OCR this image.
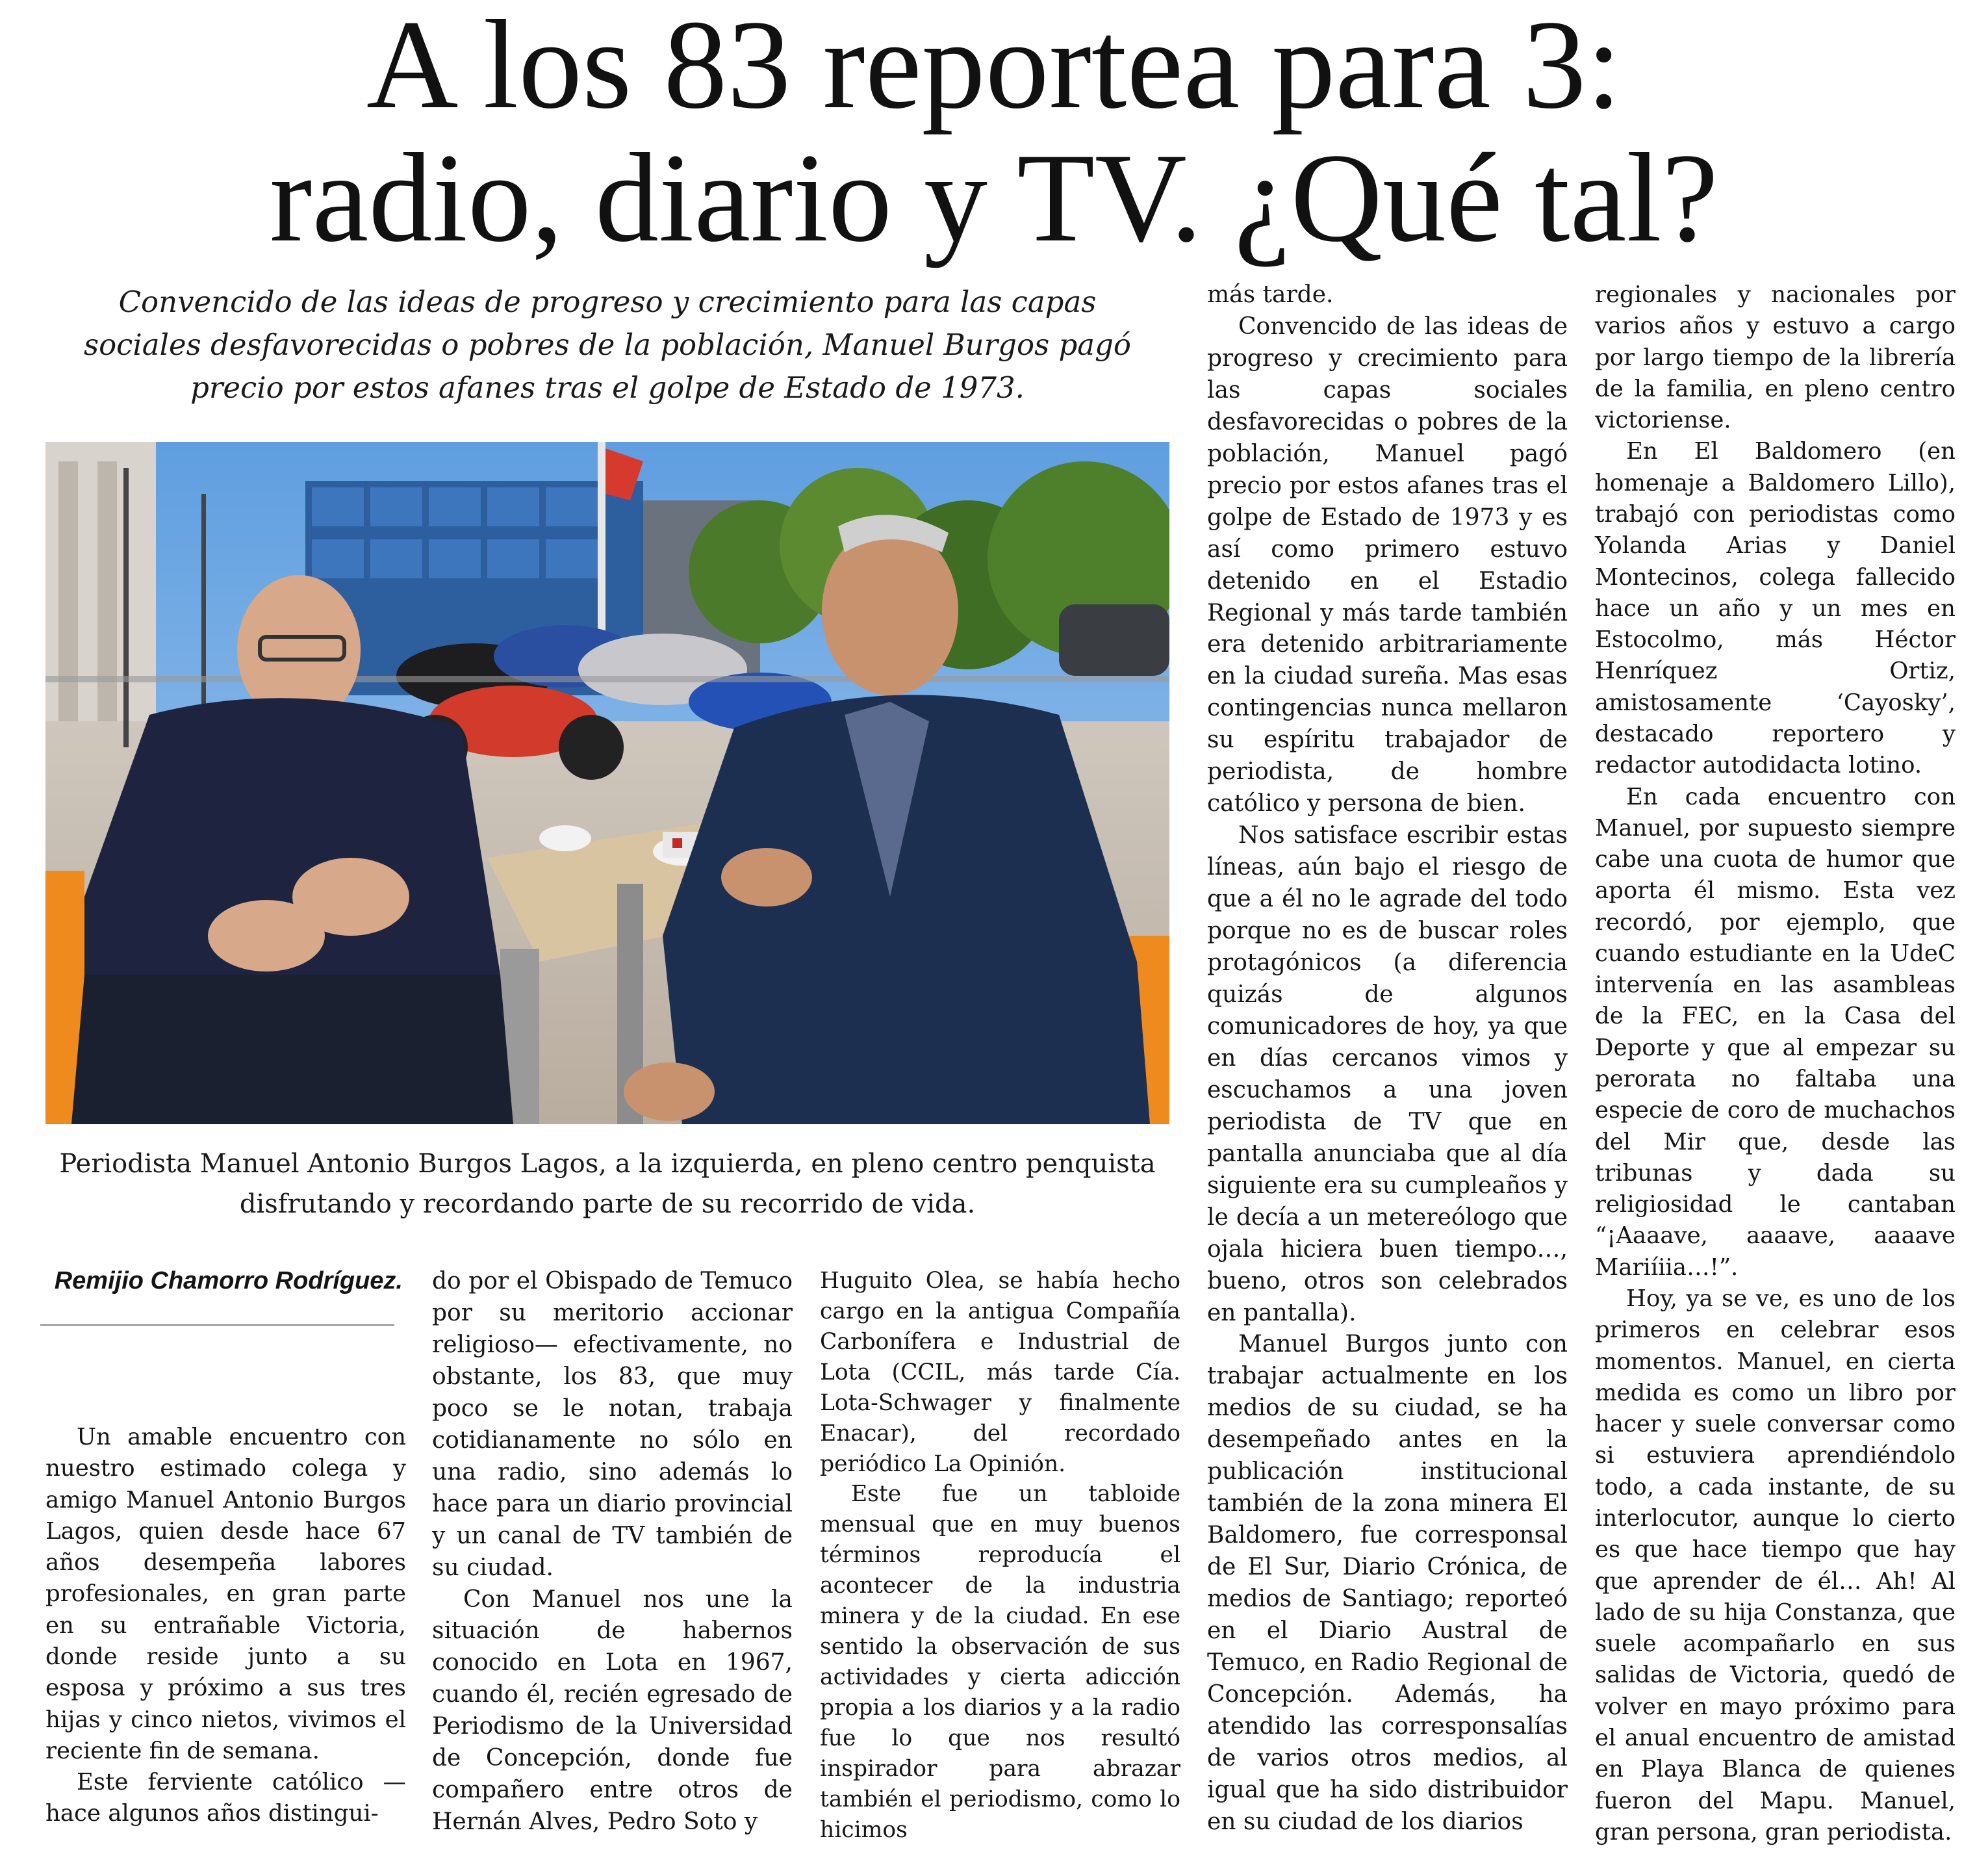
A los 83 reportea para 3:
radio, diario y TV. ¿Qué tal?
Convencido de las ideas de progreso y crecimiento para las capas
sociales desfavorecidas o pobres de la población, Manuel Burgos pagó
precio por estos afanes tras el golpe de Estado de 1973.
Periodista Manuel Antonio Burgos Lagos, a la izquierda, en pleno centro penquista
disfrutando y recordando parte de su recorrido de vida.
Remijio Chamorro Rodríguez.

Un amable encuentro con nuestro estimado colega y amigo Manuel Antonio Burgos Lagos, quien desde hace 67 años desempeña labores profesionales, en gran parte en su entrañable Victoria, donde reside junto a su esposa y próximo a sus tres hijas y cinco nietos, vivimos el reciente fin de semana.

Este ferviente católico — hace algunos años distingui-

do por el Obispado de Temuco por su meritorio accionar religioso— efectivamente, no obstante, los 83, que muy poco se le notan, trabaja cotidianamente no sólo en una radio, sino además lo hace para un diario provincial y un canal de TV también de su ciudad.

Con Manuel nos une la situación de habernos conocido en Lota en 1967, cuando él, recién egresado de Periodismo de la Universidad de Concepción, donde fue compañero entre otros de Hernán Alves, Pedro Soto y

Huguito Olea, se había hecho cargo en la antigua Compañía Carbonífera e Industrial de Lota (CCIL, más tarde Cía. Lota-Schwager y finalmente Enacar), del recordado periódico La Opinión.

Este fue un tabloide mensual que en muy buenos términos reproducía el acontecer de la industria minera y de la ciudad. En ese sentido la observación de sus actividades y cierta adicción propia a los diarios y a la radio fue lo que nos resultó inspirador para abrazar también el periodismo, como lo hicimos

más tarde.

Convencido de las ideas de progreso y crecimiento para las capas sociales desfavorecidas o pobres de la población, Manuel pagó precio por estos afanes tras el golpe de Estado de 1973 y es así como primero estuvo detenido en el Estadio Regional y más tarde también era detenido arbitrariamente en la ciudad sureña. Mas esas contingencias nunca mellaron su espíritu trabajador de periodista, de hombre católico y persona de bien.

Nos satisface escribir estas líneas, aún bajo el riesgo de que a él no le agrade del todo porque no es de buscar roles protagónicos (a diferencia quizás de algunos comunicadores de hoy, ya que en días cercanos vimos y escuchamos a una joven periodista de TV que en pantalla anunciaba que al día siguiente era su cumpleaños y le decía a un metereólogo que ojala hiciera buen tiempo…, bueno, otros son celebrados en pantalla).

Manuel Burgos junto con trabajar actualmente en los medios de su ciudad, se ha desempeñado antes en la publicación institucional también de la zona minera El Baldomero, fue corresponsal de El Sur, Diario Crónica, de medios de Santiago; reporteó en el Diario Austral de Temuco, en Radio Regional de Concepción. Además, ha atendido las corresponsalías de varios otros medios, al igual que ha sido distribuidor en su ciudad de los diarios

regionales y nacionales por varios años y estuvo a cargo por largo tiempo de la librería de la familia, en pleno centro victoriense.

En El Baldomero (en homenaje a Baldomero Lillo), trabajó con periodistas como Yolanda Arias y Daniel Montecinos, colega fallecido hace un año y un mes en Estocolmo, más Héctor Henríquez Ortiz, amistosamente ‘Cayosky’, destacado reportero y redactor autodidacta lotino.

En cada encuentro con Manuel, por supuesto siempre cabe una cuota de humor que aporta él mismo. Esta vez recordó, por ejemplo, que cuando estudiante en la UdeC intervenía en las asambleas de la FEC, en la Casa del Deporte y que al empezar su perorata no faltaba una especie de coro de muchachos del Mir que, desde las tribunas y dada su religiosidad le cantaban “¡Aaaave, aaaave, aaaave Mariíiia…!”.

Hoy, ya se ve, es uno de los primeros en celebrar esos momentos. Manuel, en cierta medida es como un libro por hacer y suele conversar como si estuviera aprendiéndolo todo, a cada instante, de su interlocutor, aunque lo cierto es que hace tiempo que hay que aprender de él… Ah! Al lado de su hija Constanza, que suele acompañarlo en sus salidas de Victoria, quedó de volver en mayo próximo para el anual encuentro de amistad en Playa Blanca de quienes fueron del Mapu. Manuel, gran persona, gran periodista.
